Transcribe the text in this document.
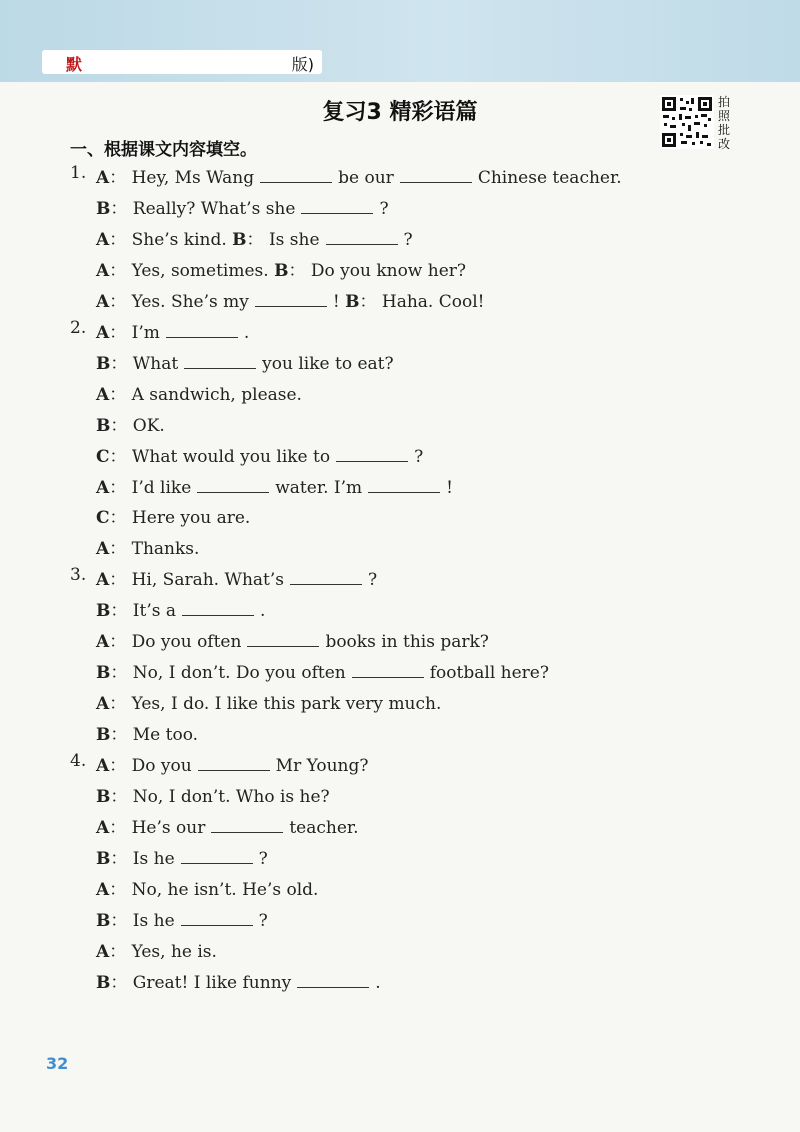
默	版)
复习3 精彩语篇	拍
照
批
改
一、根据课文内容填空。
1. A： Hey, Ms Wang	be our	Chinese teacher.
B： Really? What’s she	?
A： She’s kind. B： Is she	?
A： Yes, sometimes. B： Do you know her?
A： Yes. She’s my	! B： Haha. Cool!
2. A： I’m	.
B： What	you like to eat?
A： A sandwich, please.
B： OK.
C： What would you like to	?
A： I’d like	water. I’m	!
C： Here you are.
A： Thanks.
3. A： Hi, Sarah. What’s	?
B： It’s a	.
A： Do you often	books in this park?
B： No, I don’t. Do you often	football here?
A： Yes, I do. I like this park very much.
B： Me too.
4. A： Do you	Mr Young?
B： No, I don’t. Who is he?
A： He’s our	teacher.
B： Is he	?
A： No, he isn’t. He’s old.
B： Is he	?
A： Yes, he is.
B： Great! I like funny	.
32
